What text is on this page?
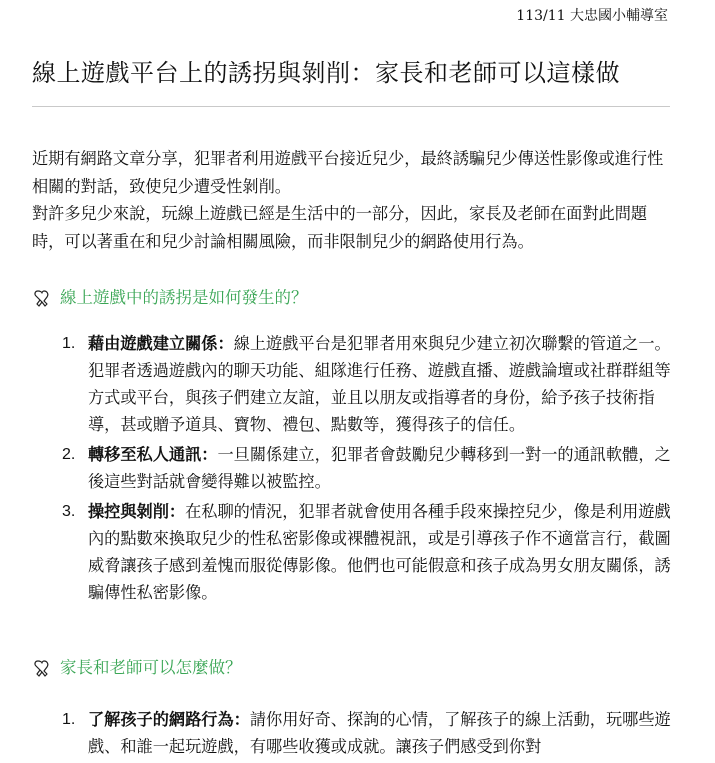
113/11 大忠國小輔導室
線上遊戲平台上的誘拐與剝削：家長和老師可以這樣做

近期有網路文章分享，犯罪者利用遊戲平台接近兒少，最終誘騙兒少傳送性影像或進行性相關的對話，致使兒少遭受性剝削。

對許多兒少來說，玩線上遊戲已經是生活中的一部分，因此，家長及老師在面對此問題時，可以著重在和兒少討論相關風險，而非限制兒少的網路使用行為。

線上遊戲中的誘拐是如何發生的？
1. 藉由遊戲建立關係：線上遊戲平台是犯罪者用來與兒少建立初次聯繫的管道之一。犯罪者透過遊戲內的聊天功能、組隊進行任務、遊戲直播、遊戲論壇或社群群組等方式或平台，與孩子們建立友誼，並且以朋友或指導者的身份，給予孩子技術指導，甚或贈予道具、寶物、禮包、點數等，獲得孩子的信任。
2. 轉移至私人通訊：一旦關係建立，犯罪者會鼓勵兒少轉移到一對一的通訊軟體，之後這些對話就會變得難以被監控。
3. 操控與剝削：在私聊的情況，犯罪者就會使用各種手段來操控兒少，像是利用遊戲內的點數來換取兒少的性私密影像或裸體視訊，或是引導孩子作不適當言行，截圖威脅讓孩子感到羞愧而服從傳影像。他們也可能假意和孩子成為男女朋友關係，誘騙傳性私密影像。
家長和老師可以怎麼做？
1. 了解孩子的網路行為：請你用好奇、探詢的心情，了解孩子的線上活動，玩哪些遊戲、和誰一起玩遊戲，有哪些收獲或成就。讓孩子們感受到你對
